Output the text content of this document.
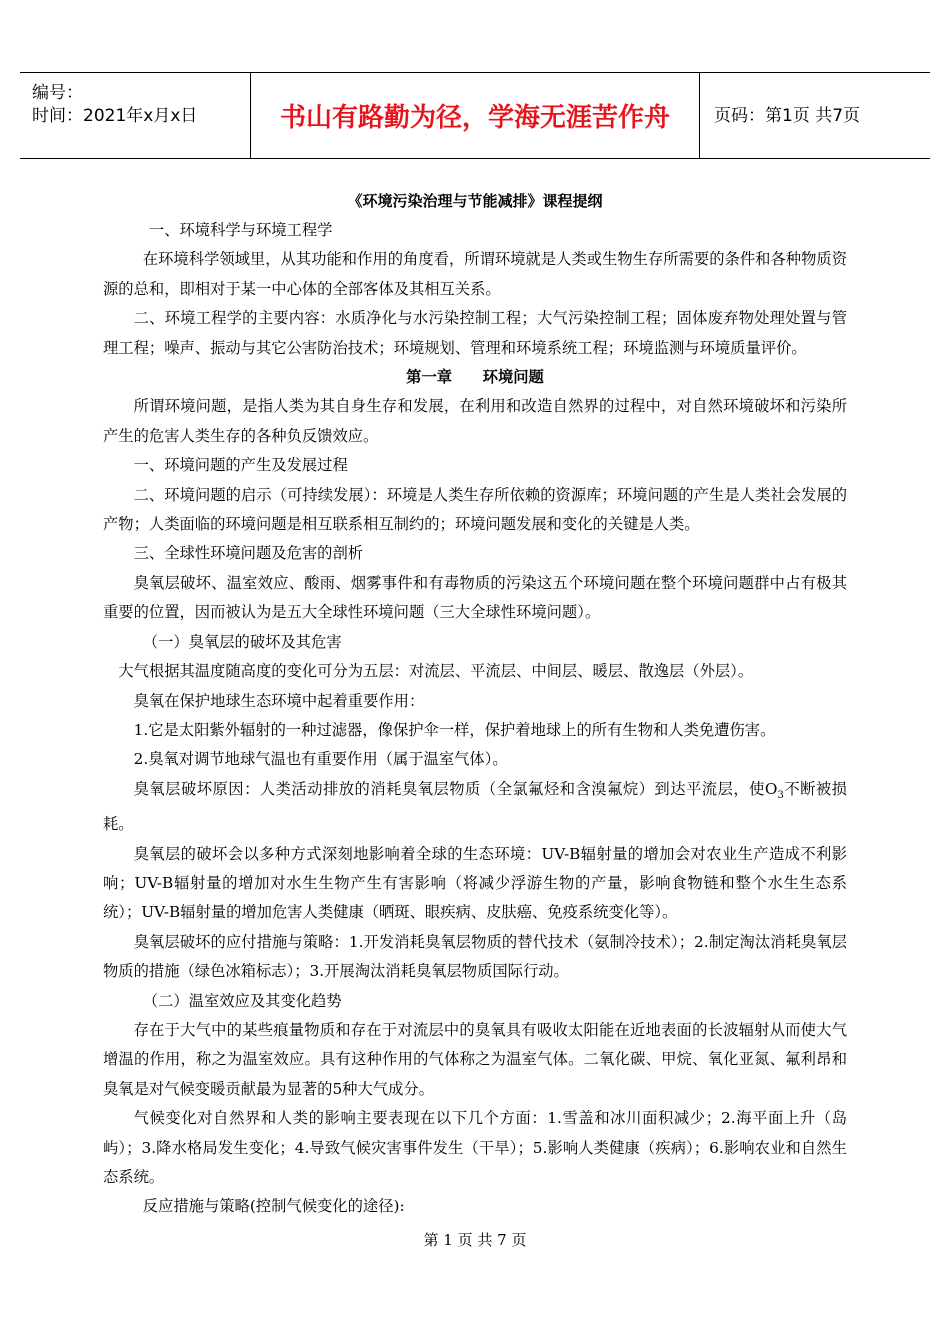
编号：
时间：2021年x月x日	书山有路勤为径，学海无涯苦作舟	页码：第1页 共7页
《环境污染治理与节能减排》课程提纲

一、环境科学与环境工程学

在环境科学领域里，从其功能和作用的角度看，所谓环境就是人类或生物生存所需要的条件和各种物质资源的总和，即相对于某一中心体的全部客体及其相互关系。

二、环境工程学的主要内容：水质净化与水污染控制工程；大气污染控制工程；固体废弃物处理处置与管理工程；噪声、振动与其它公害防治技术；环境规划、管理和环境系统工程；环境监测与环境质量评价。

第一章　　环境问题

所谓环境问题，是指人类为其自身生存和发展，在利用和改造自然界的过程中，对自然环境破坏和污染所产生的危害人类生存的各种负反馈效应。

一、环境问题的产生及发展过程

二、环境问题的启示（可持续发展）：环境是人类生存所依赖的资源库；环境问题的产生是人类社会发展的产物；人类面临的环境问题是相互联系相互制约的；环境问题发展和变化的关键是人类。

三、全球性环境问题及危害的剖析

臭氧层破坏、温室效应、酸雨、烟雾事件和有毒物质的污染这五个环境问题在整个环境问题群中占有极其重要的位置，因而被认为是五大全球性环境问题（三大全球性环境问题）。

（一）臭氧层的破坏及其危害

大气根据其温度随高度的变化可分为五层：对流层、平流层、中间层、暖层、散逸层（外层）。

臭氧在保护地球生态环境中起着重要作用：

1.它是太阳紫外辐射的一种过滤器，像保护伞一样，保护着地球上的所有生物和人类免遭伤害。

2.臭氧对调节地球气温也有重要作用（属于温室气体）。

臭氧层破坏原因：人类活动排放的消耗臭氧层物质（全氯氟烃和含溴氟烷）到达平流层，使$O_3$不断被损耗。

臭氧层的破坏会以多种方式深刻地影响着全球的生态环境：UV-B辐射量的增加会对农业生产造成不利影响；UV-B辐射量的增加对水生生物产生有害影响（将减少浮游生物的产量，影响食物链和整个水生生态系统）；UV-B辐射量的增加危害人类健康（晒斑、眼疾病、皮肤癌、免疫系统变化等）。

臭氧层破坏的应付措施与策略：1.开发消耗臭氧层物质的替代技术（氨制冷技术）；2.制定淘汰消耗臭氧层物质的措施（绿色冰箱标志）；3.开展淘汰消耗臭氧层物质国际行动。

（二）温室效应及其变化趋势

存在于大气中的某些痕量物质和存在于对流层中的臭氧具有吸收太阳能在近地表面的长波辐射从而使大气增温的作用，称之为温室效应。具有这种作用的气体称之为温室气体。二氧化碳、甲烷、氧化亚氮、氟利昂和臭氧是对气候变暖贡献最为显著的5种大气成分。

气候变化对自然界和人类的影响主要表现在以下几个方面：1.雪盖和冰川面积减少；2.海平面上升（岛屿）；3.降水格局发生变化；4.导致气候灾害事件发生（干旱）；5.影响人类健康（疾病）；6.影响农业和自然生态系统。

反应措施与策略(控制气候变化的途径):

第 1 页 共 7 页
